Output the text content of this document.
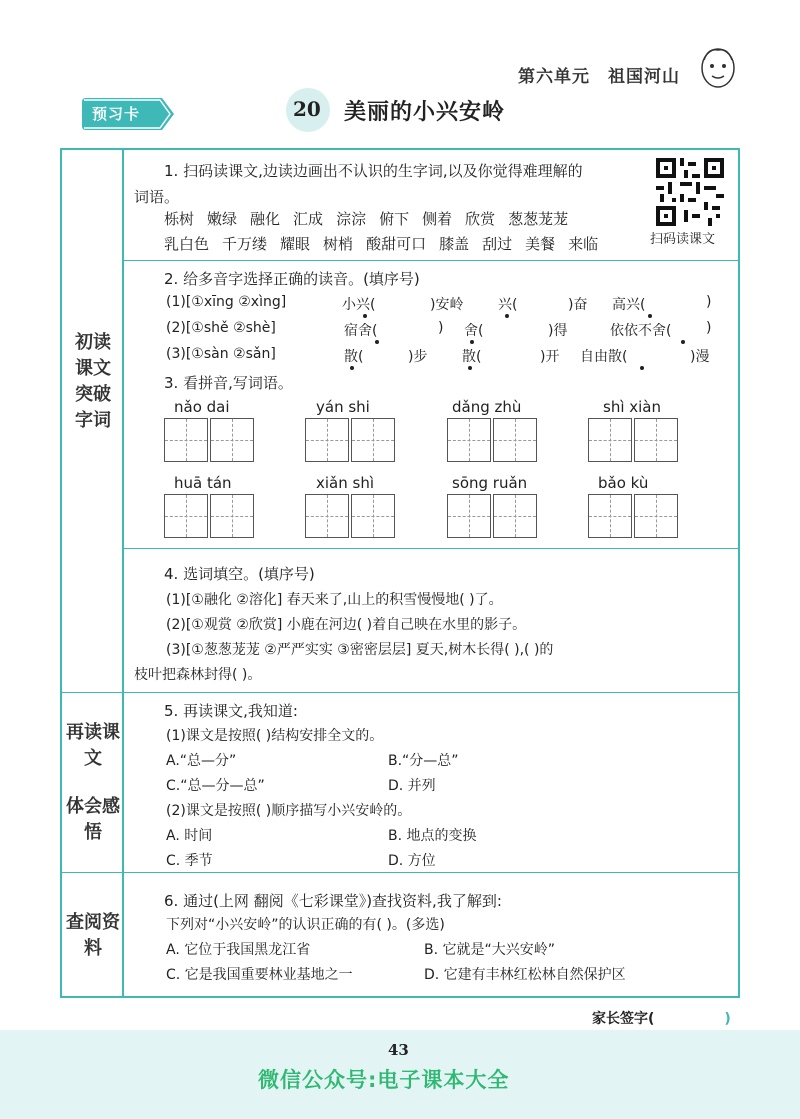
第六单元 祖国河山
预习卡	20 美丽的小兴安岭
初读课文 突破字词
再读课文
体会感悟
查阅资料
1. 扫码读课文,边读边画出不认识的生字词,以及你觉得难理解的
词语。
栎树 嫩绿 融化 汇成 淙淙 俯下 侧着 欣赏 葱葱茏茏
乳白色 千万缕 耀眼 树梢 酸甜可口 膝盖 刮过 美餐 来临	扫码读课文
2. 给多音字选择正确的读音。(填序号)
(1)[①xīng ②xìng]	小兴(	)安岭 兴(	)奋 高兴(	)
(2)[①shě ②shè]	宿舍(	) 舍(	)得	依依不舍( )
(3)[①sàn ②sǎn]	散(	)步 散(	)开 自由散(	)漫
3. 看拼音,写词语。
nǎo dai	yán shi	dǎng zhù	shì xiàn
huā tán	xiǎn shì	sōng ruǎn	bǎo kù
4. 选词填空。(填序号)
(1)[①融化 ②溶化] 春天来了,山上的积雪慢慢地( )了。
(2)[①观赏 ②欣赏] 小鹿在河边( )着自己映在水里的影子。
(3)[①葱葱茏茏 ②严严实实 ③密密层层] 夏天,树木长得( ),( )的
枝叶把森林封得( )。
5. 再读课文,我知道:
(1)课文是按照( )结构安排全文的。
A.“总—分”	B.“分—总”
C.“总—分—总”	D. 并列
(2)课文是按照( )顺序描写小兴安岭的。
A. 时间	B. 地点的变换
C. 季节	D. 方位
6. 通过(上网 翻阅《七彩课堂》)查找资料,我了解到:
下列对“小兴安岭”的认识正确的有( )。(多选)
A. 它位于我国黑龙江省	B. 它就是“大兴安岭”
C. 它是我国重要林业基地之一	D. 它建有丰林红松林自然保护区
家长签字(	)
43
微信公众号:电子课本大全
